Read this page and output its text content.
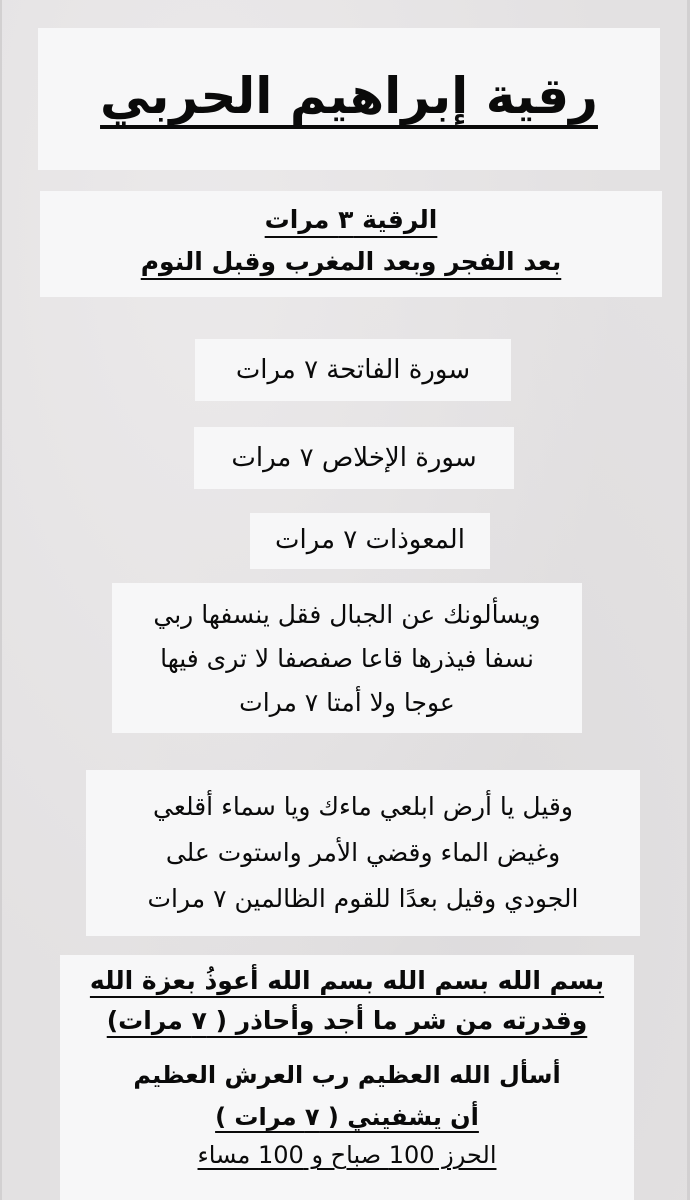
رقية إبراهيم الحربي
الرقية ٣ مرات
بعد الفجر وبعد المغرب وقبل النوم
سورة الفاتحة ٧ مرات
سورة الإخلاص ٧ مرات
المعوذات ٧ مرات
ويسألونك عن الجبال فقل ينسفها ربي
نسفا فيذرها قاعا صفصفا لا ترى فيها
عوجا ولا أمتا ٧ مرات
وقيل يا أرض ابلعي ماءك ويا سماء أقلعي
وغيض الماء وقضي الأمر واستوت على
الجودي وقيل بعدًا للقوم الظالمين ٧ مرات
بسم الله بسم الله بسم الله أعوذُ بعزة الله
وقدرته من شر ما أجد وأحاذر ( ٧ مرات)
أسأل الله العظيم رب العرش العظيم
أن يشفيني ( ٧ مرات )
الحرز 100 صباح و 100 مساء
